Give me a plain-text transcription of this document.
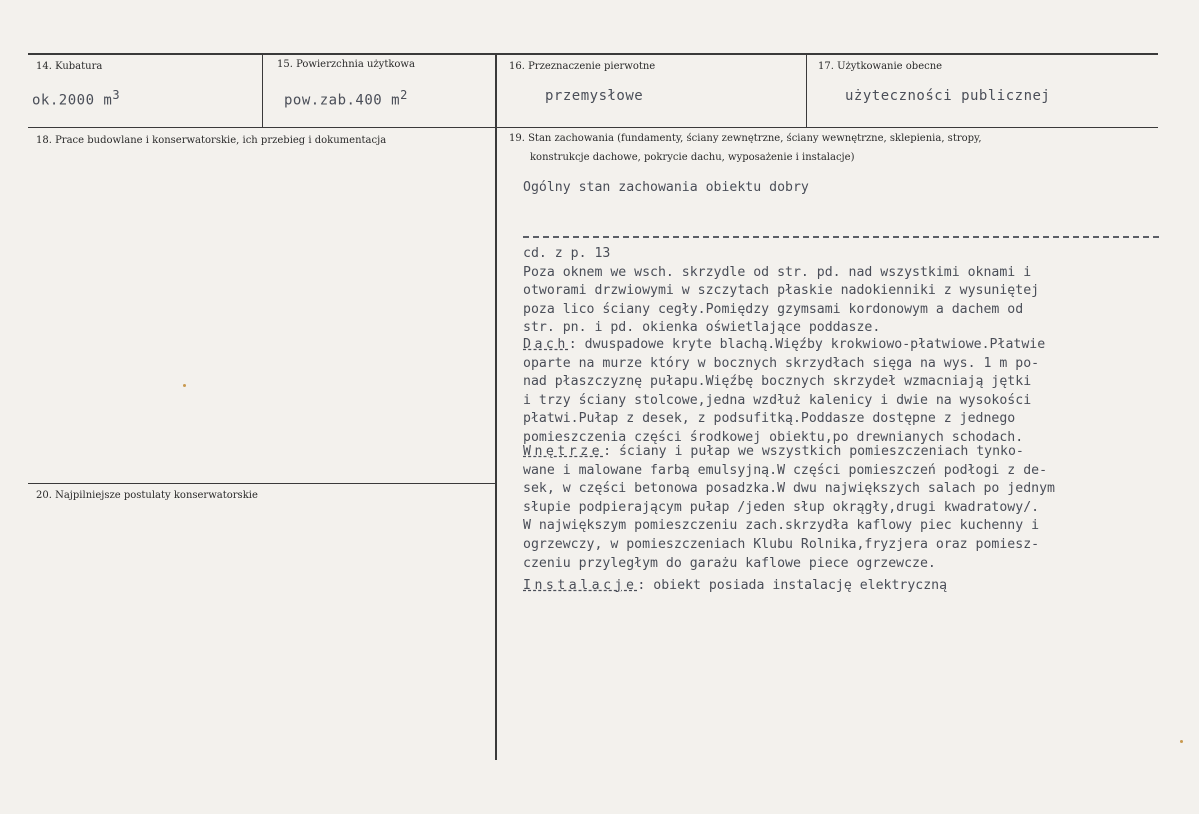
14. Kubatura	15. Powierzchnia użytkowa	16. Przeznaczenie pierwotne	17. Użytkowanie obecne
ok.2000 $m^3$	pow.zab.400 $m^2$	przemysłowe	użyteczności publicznej
18. Prace budowlane i konserwatorskie, ich przebieg i dokumentacja	19. Stan zachowania (fundamenty, ściany zewnętrzne, ściany wewnętrzne, sklepienia, stropy,
konstrukcje dachowe, pokrycie dachu, wyposażenie i instalacje)
20. Najpilniejsze postulaty konserwatorskie
Ogólny stan zachowania obiektu dobry
cd. z p. 13
Poza oknem we wsch. skrzydle od str. pd. nad wszystkimi oknami i
otworami drzwiowymi w szczytach płaskie nadokienniki z wysuniętej
poza lico ściany cegły.Pomiędzy gzymsami kordonowym a dachem od
str. pn. i pd. okienka oświetlające poddasze.
Dach: dwuspadowe kryte blachą.Więźby krokwiowo-płatwiowe.Płatwie
oparte na murze który w bocznych skrzydłach sięga na wys. 1 m po-
nad płaszczyznę pułapu.Więźbę bocznych skrzydeł wzmacniają jętki
i trzy ściany stolcowe,jedna wzdłuż kalenicy i dwie na wysokości
płatwi.Pułap z desek, z podsufitką.Poddasze dostępne z jednego
pomieszczenia części środkowej obiektu,po drewnianych schodach.
Wnętrze: ściany i pułap we wszystkich pomieszczeniach tynko-
wane i malowane farbą emulsyjną.W części pomieszczeń podłogi z de-
sek, w części betonowa posadzka.W dwu największych salach po jednym
słupie podpierającym pułap /jeden słup okrągły,drugi kwadratowy/.
W największym pomieszczeniu zach.skrzydła kaflowy piec kuchenny i
ogrzewczy, w pomieszczeniach Klubu Rolnika,fryzjera oraz pomiesz-
czeniu przyległym do garażu kaflowe piece ogrzewcze.
Instalacje: obiekt posiada instalację elektryczną
